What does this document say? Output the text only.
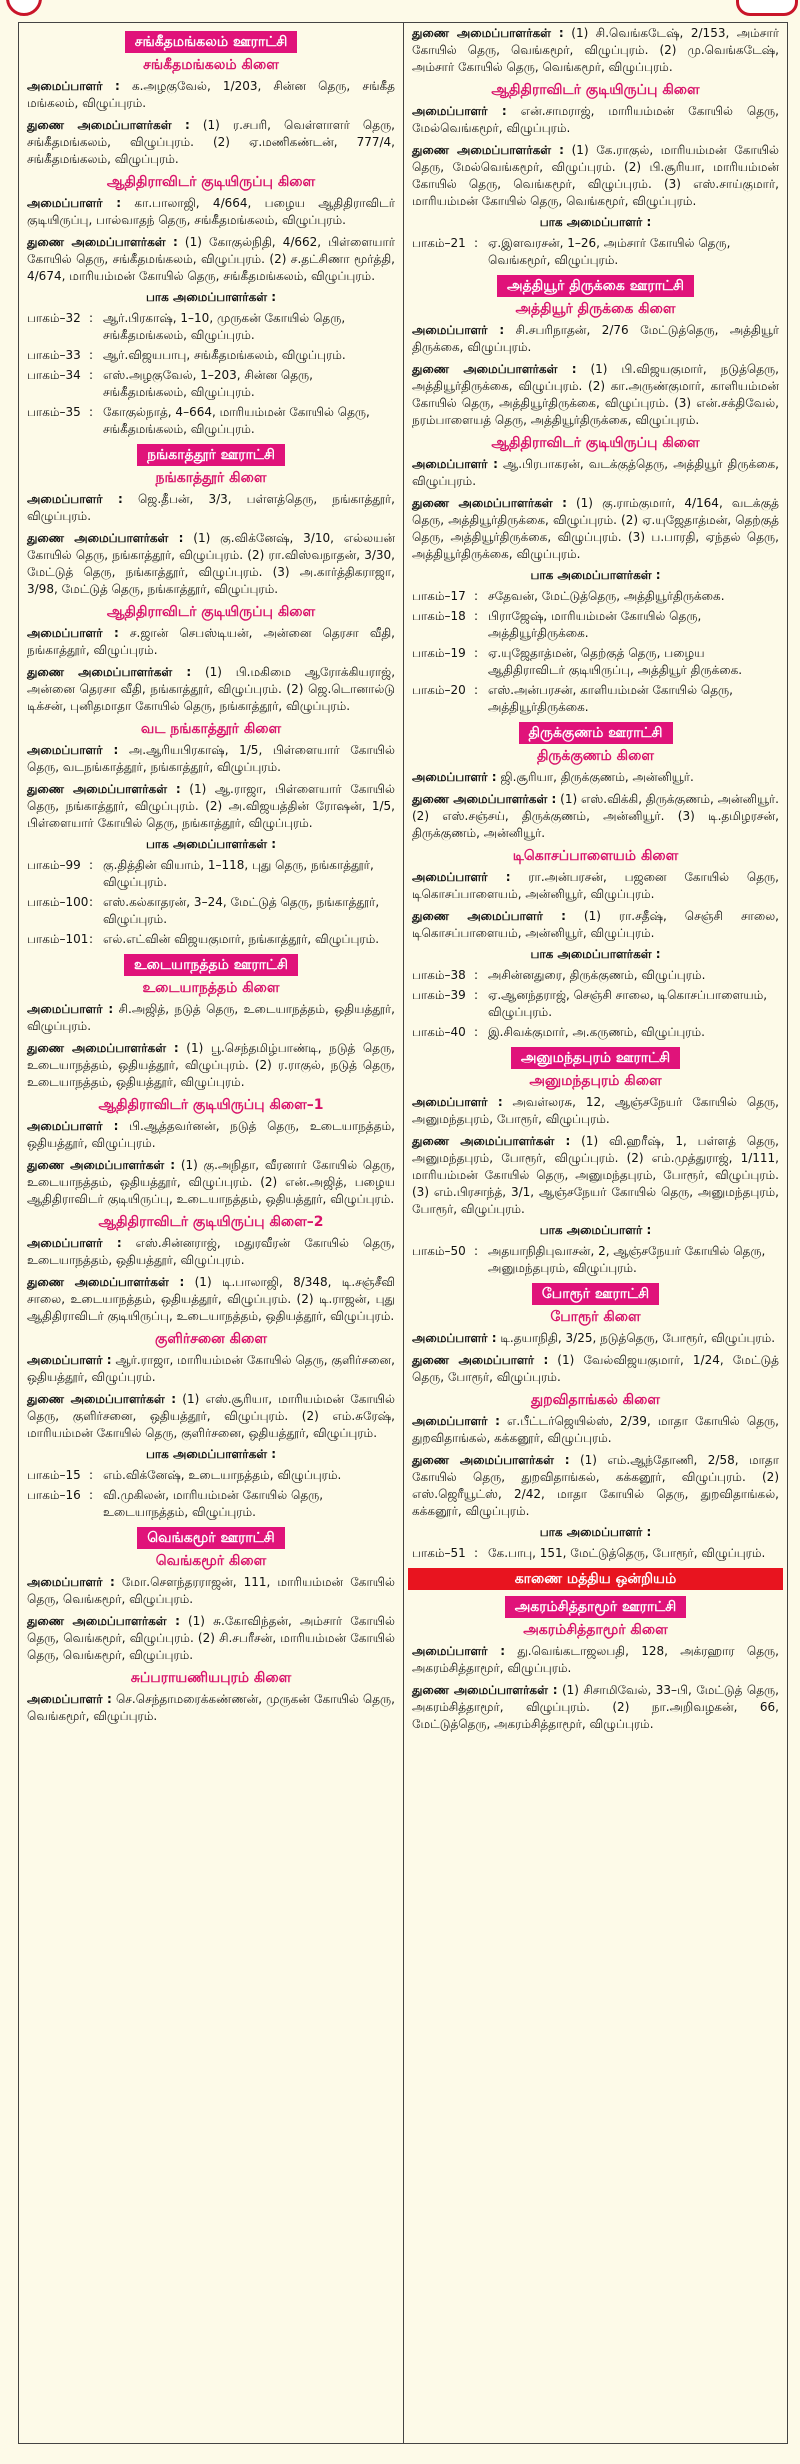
சங்கீதமங்கலம் ஊராட்சி
சங்கீதமங்கலம் கிளை
அமைப்பாளர் : க.அழகுவேல், 1/203, சின்ன தெரு, சங்கீத மங்கலம், விழுப்புரம்.
துணை அமைப்பாளர்கள் : (1) ர.சபரி, வெள்ளாளர் தெரு, சங்கீதமங்கலம், விழுப்புரம். (2) ஏ.மணிகண்டன், 777/4, சங்கீதமங்கலம், விழுப்புரம்.
ஆதிதிராவிடர் குடியிருப்பு கிளை
அமைப்பாளர் : கா.பாலாஜி, 4/664, பழைய ஆதிதிராவிடர் குடியிருப்பு, பால்வாதந் தெரு, சங்கீதமங்கலம், விழுப்புரம்.
துணை அமைப்பாளர்கள் : (1) கோகுல்நிதி, 4/662, பிள்ளையார் கோயில் தெரு, சங்கீதமங்கலம், விழுப்புரம். (2) ச.தட்சிணா மூர்த்தி, 4/674, மாரியம்மன் கோயில் தெரு, சங்கீதமங்கலம், விழுப்புரம்.
பாக அமைப்பாளர்கள் :
பாகம்–32 : ஆர்.பிரகாஷ், 1–10, முருகன் கோயில் தெரு, சங்கீதமங்கலம், விழுப்புரம்.
பாகம்–33 : ஆர்.விஜயபாபு, சங்கீதமங்கலம், விழுப்புரம்.
பாகம்–34 : எஸ்.அழகுவேல், 1–203, சின்ன தெரு, சங்கீதமங்கலம், விழுப்புரம்.
பாகம்–35 : கோகுல்நாத், 4–664, மாரியம்மன் கோயில் தெரு, சங்கீதமங்கலம், விழுப்புரம்.
நங்காத்தூர் ஊராட்சி
நங்காத்தூர் கிளை
அமைப்பாளர் : ஜெ.தீபன், 3/3, பள்ளத்தெரு, நங்காத்தூர், விழுப்புரம்.
துணை அமைப்பாளர்கள் : (1) கு.விக்னேஷ், 3/10, எல்லயன் கோயில் தெரு, நங்காத்தூர், விழுப்புரம். (2) ரா.விஸ்வநாதன், 3/30, மேட்டுத் தெரு, நங்காத்தூர், விழுப்புரம். (3) அ.கார்த்திகராஜா, 3/98, மேட்டுத் தெரு, நங்காத்தூர், விழுப்புரம்.
ஆதிதிராவிடர் குடியிருப்பு கிளை
அமைப்பாளர் : ச.ஜான் செபஸ்டியன், அன்னை தெரசா வீதி, நங்காத்தூர், விழுப்புரம்.
துணை அமைப்பாளர்கள் : (1) பி.மகிமை ஆரோக்கியராஜ், அன்னை தெரசா வீதி, நங்காத்தூர், விழுப்புரம். (2) ஜெ.டொனால்டு டிக்சன், புனிதமாதா கோயில் தெரு, நங்காத்தூர், விழுப்புரம்.
வட நங்காத்தூர் கிளை
அமைப்பாளர் : அ.ஆரியபிரகாஷ், 1/5, பிள்ளையார் கோயில் தெரு, வடநங்காத்தூர், நங்காத்தூர், விழுப்புரம்.
துணை அமைப்பாளர்கள் : (1) ஆ.ராஜா, பிள்ளையார் கோயில் தெரு, நங்காத்தூர், விழுப்புரம். (2) அ.விஜயத்தின் ரோஷன், 1/5, பிள்ளையார் கோயில் தெரு, நங்காத்தூர், விழுப்புரம்.
பாக அமைப்பாளர்கள் :
பாகம்–99 : கு.தித்தின் வியாம், 1–118, புது தெரு, நங்காத்தூர், விழுப்புரம்.
பாகம்–100 : எஸ்.கல்காதரன், 3–24, மேட்டுத் தெரு, நங்காத்தூர், விழுப்புரம்.
பாகம்–101 : எல்.எட்வின் விஜயகுமார், நங்காத்தூர், விழுப்புரம்.
உடையாநத்தம் ஊராட்சி
உடையாநத்தம் கிளை
அமைப்பாளர் : சி.அஜித், நடுத் தெரு, உடையாநத்தம், ஒதியத்தூர், விழுப்புரம்.
துணை அமைப்பாளர்கள் : (1) பூ.செந்தமிழ்பாண்டி, நடுத் தெரு, உடையாநத்தம், ஒதியத்தூர், விழுப்புரம். (2) ர.ராகுல், நடுத் தெரு, உடையாநத்தம், ஒதியத்தூர், விழுப்புரம்.
ஆதிதிராவிடர் குடியிருப்பு கிளை–1
அமைப்பாளர் : பி.ஆத்தவர்னன், நடுத் தெரு, உடையாநத்தம், ஒதியத்தூர், விழுப்புரம்.
துணை அமைப்பாளர்கள் : (1) கு.அநிதா, வீரனார் கோயில் தெரு, உடையாநத்தம், ஒதியத்தூர், விழுப்புரம். (2) என்.அஜித், பழைய ஆதிதிராவிடர் குடியிருப்பு, உடையாநத்தம், ஒதியத்தூர், விழுப்புரம்.
ஆதிதிராவிடர் குடியிருப்பு கிளை–2
அமைப்பாளர் : எஸ்.சின்னராஜ், மதுரவீரன் கோயில் தெரு, உடையாநத்தம், ஒதியத்தூர், விழுப்புரம்.
துணை அமைப்பாளர்கள் : (1) டி.பாலாஜி, 8/348, டி.சஞ்சீவி சாலை, உடையாநத்தம், ஒதியத்தூர், விழுப்புரம். (2) டி.ராஜன், புது ஆதிதிராவிடர் குடியிருப்பு, உடையாநத்தம், ஒதியத்தூர், விழுப்புரம்.
குளிர்சனை கிளை
அமைப்பாளர் : ஆர்.ராஜா, மாரியம்மன் கோயில் தெரு, குளிர்சனை, ஒதியத்தூர், விழுப்புரம்.
துணை அமைப்பாளர்கள் : (1) எஸ்.சூரியா, மாரியம்மன் கோயில் தெரு, குளிர்சனை, ஒதியத்தூர், விழுப்புரம். (2) எம்.சுரேஷ், மாரியம்மன் கோயில் தெரு, குளிர்சனை, ஒதியத்தூர், விழுப்புரம்.
பாக அமைப்பாளர்கள் :
பாகம்–15 : எம்.விக்னேஷ், உடையாநத்தம், விழுப்புரம்.
பாகம்–16 : வி.முகிலன், மாரியம்மன் கோயில் தெரு, உடையாநத்தம், விழுப்புரம்.
வெங்கமூர் ஊராட்சி
வெங்கமூர் கிளை
அமைப்பாளர் : மோ.சௌந்தரராஜன், 111, மாரியம்மன் கோயில் தெரு, வெங்கமூர், விழுப்புரம்.
துணை அமைப்பாளர்கள் : (1) சு.கோவிந்தன், அம்சார் கோயில் தெரு, வெங்கமூர், விழுப்புரம். (2) சி.சபரீசன், மாரியம்மன் கோயில் தெரு, வெங்கமூர், விழுப்புரம்.
சுப்பராயணியபுரம் கிளை
அமைப்பாளர் : செ.செந்தாமரைக்கண்ணன், முருகன் கோயில் தெரு, வெங்கமூர், விழுப்புரம்.
துணை அமைப்பாளர்கள் : (1) சி.வெங்கடேஷ், 2/153, அம்சார் கோயில் தெரு, வெங்கமூர், விழுப்புரம். (2) மு.வெங்கடேஷ், அம்சார் கோயில் தெரு, வெங்கமூர், விழுப்புரம்.
ஆதிதிராவிடர் குடியிருப்பு கிளை
அமைப்பாளர் : என்.சாமராஜ், மாரியம்மன் கோயில் தெரு, மேல்வெங்கமூர், விழுப்புரம்.
துணை அமைப்பாளர்கள் : (1) கே.ராகுல், மாரியம்மன் கோயில் தெரு, மேல்வெங்கமூர், விழுப்புரம். (2) பி.சூரியா, மாரியம்மன் கோயில் தெரு, வெங்கமூர், விழுப்புரம். (3) எஸ்.சாய்குமார், மாரியம்மன் கோயில் தெரு, வெங்கமூர், விழுப்புரம்.
பாக அமைப்பாளர் :
பாகம்–21 : ஏ.இளவரசன், 1–26, அம்சார் கோயில் தெரு, வெங்கமூர், விழுப்புரம்.
அத்தியூர் திருக்கை ஊராட்சி
அத்தியூர் திருக்கை கிளை
அமைப்பாளர் : சி.சபரிநாதன், 2/76 மேட்டுத்தெரு, அத்தியூர் திருக்கை, விழுப்புரம்.
துணை அமைப்பாளர்கள் : (1) பி.விஜயகுமார், நடுத்தெரு, அத்தியூர்திருக்கை, விழுப்புரம். (2) கா.அருண்குமார், காளியம்மன் கோயில் தெரு, அத்தியூர்திருக்கை, விழுப்புரம். (3) என்.சக்திவேல், நரம்பாளையத் தெரு, அத்தியூர்திருக்கை, விழுப்புரம்.
ஆதிதிராவிடர் குடியிருப்பு கிளை
அமைப்பாளர் : ஆ.பிரபாகரன், வடக்குத்தெரு, அத்தியூர் திருக்கை, விழுப்புரம்.
துணை அமைப்பாளர்கள் : (1) கு.ராம்குமார், 4/164, வடக்குத் தெரு, அத்தியூர்திருக்கை, விழுப்புரம். (2) ஏ.யுஜேதாத்மன், தெற்குத் தெரு, அத்தியூர்திருக்கை, விழுப்புரம். (3) ப.பாரதி, ஏந்தல் தெரு, அத்தியூர்திருக்கை, விழுப்புரம்.
பாக அமைப்பாளர்கள் :
பாகம்–17 : சதேவன், மேட்டுத்தெரு, அத்தியூர்திருக்கை.
பாகம்–18 : பிராஜேஷ், மாரியம்மன் கோயில் தெரு, அத்தியூர்திருக்கை.
பாகம்–19 : ஏ.யுஜேதாத்மன், தெற்குத் தெரு, பழைய ஆதிதிராவிடர் குடியிருப்பு, அத்தியூர் திருக்கை.
பாகம்–20 : எஸ்.அன்பரசன், காளியம்மன் கோயில் தெரு, அத்தியூர்திருக்கை.
திருக்குணம் ஊராட்சி
திருக்குணம் கிளை
அமைப்பாளர் : ஜி.சூரியா, திருக்குணம், அன்னியூர்.
துணை அமைப்பாளர்கள் : (1) எஸ்.விக்கி, திருக்குணம், அன்னியூர். (2) எஸ்.சஞ்சய், திருக்குணம், அன்னியூர். (3) டி.தமிழரசன், திருக்குணம், அன்னியூர்.
டிகொசப்பாளையம் கிளை
அமைப்பாளர் : ரா.அன்பரசன், பஜனை கோயில் தெரு, டிகொசப்பாளையம், அன்னியூர், விழுப்புரம்.
துணை அமைப்பாளர் : (1) ரா.சதீஷ், செஞ்சி சாலை, டிகொசப்பாளையம், அன்னியூர், விழுப்புரம்.
பாக அமைப்பாளர்கள் :
பாகம்–38 : அசின்னதுரை, திருக்குணம், விழுப்புரம்.
பாகம்–39 : ஏ.ஆனந்தராஜ், செஞ்சி சாலை, டிகொசப்பாளையம், விழுப்புரம்.
பாகம்–40 : இ.சிவக்குமார், அ.கருணம், விழுப்புரம்.
அனுமந்தபுரம் ஊராட்சி
அனுமந்தபுரம் கிளை
அமைப்பாளர் : அவள்லரசு, 12, ஆஞ்சநேயர் கோயில் தெரு, அனுமந்தபுரம், போரூர், விழுப்புரம்.
துணை அமைப்பாளர்கள் : (1) வி.ஹரீஷ், 1, பள்ளத் தெரு, அனுமந்தபுரம், போரூர், விழுப்புரம். (2) எம்.முத்துராஜ், 1/111, மாரியம்மன் கோயில் தெரு, அனுமந்தபுரம், போரூர், விழுப்புரம். (3) எம்.பிரசாந்த், 3/1, ஆஞ்சநேயர் கோயில் தெரு, அனுமந்தபுரம், போரூர், விழுப்புரம்.
பாக அமைப்பாளர் :
பாகம்–50 : அதயாநிதிபுவாசன், 2, ஆஞ்சநேயர் கோயில் தெரு, அனுமந்தபுரம், விழுப்புரம்.
போரூர் ஊராட்சி
போரூர் கிளை
அமைப்பாளர் : டி.தயாநிதி, 3/25, நடுத்தெரு, போரூர், விழுப்புரம்.
துணை அமைப்பாளர் : (1) வேல்விஜயகுமார், 1/24, மேட்டுத் தெரு, போரூர், விழுப்புரம்.
துறவிதாங்கல் கிளை
அமைப்பாளர் : எ.பீட்டர்ஜெயில்ஸ், 2/39, மாதா கோயில் தெரு, துறவிதாங்கல், கக்கனூர், விழுப்புரம்.
துணை அமைப்பாளர்கள் : (1) எம்.ஆந்தோணி, 2/58, மாதா கோயில் தெரு, துறவிதாங்கல், கக்கனூர், விழுப்புரம். (2) எஸ்.ஜெரீயூட்ஸ், 2/42, மாதா கோயில் தெரு, துறவிதாங்கல், கக்கனூர், விழுப்புரம்.
பாக அமைப்பாளர் :
பாகம்–51 : கே.பாபு, 151, மேட்டுத்தெரு, போரூர், விழுப்புரம்.
காணை மத்திய ஒன்றியம்
அகரம்சித்தாமூர் ஊராட்சி
அகரம்சித்தாமூர் கிளை
அமைப்பாளர் : து.வெங்கடாஜலபதி, 128, அக்ரஹார தெரு, அகரம்சித்தாமூர், விழுப்புரம்.
துணை அமைப்பாளர்கள் : (1) சிசாமிவேல், 33–பி, மேட்டுத் தெரு, அகரம்சித்தாமூர், விழுப்புரம். (2) நா.அறிவழகன், 66, மேட்டுத்தெரு, அகரம்சித்தாமூர், விழுப்புரம்.
